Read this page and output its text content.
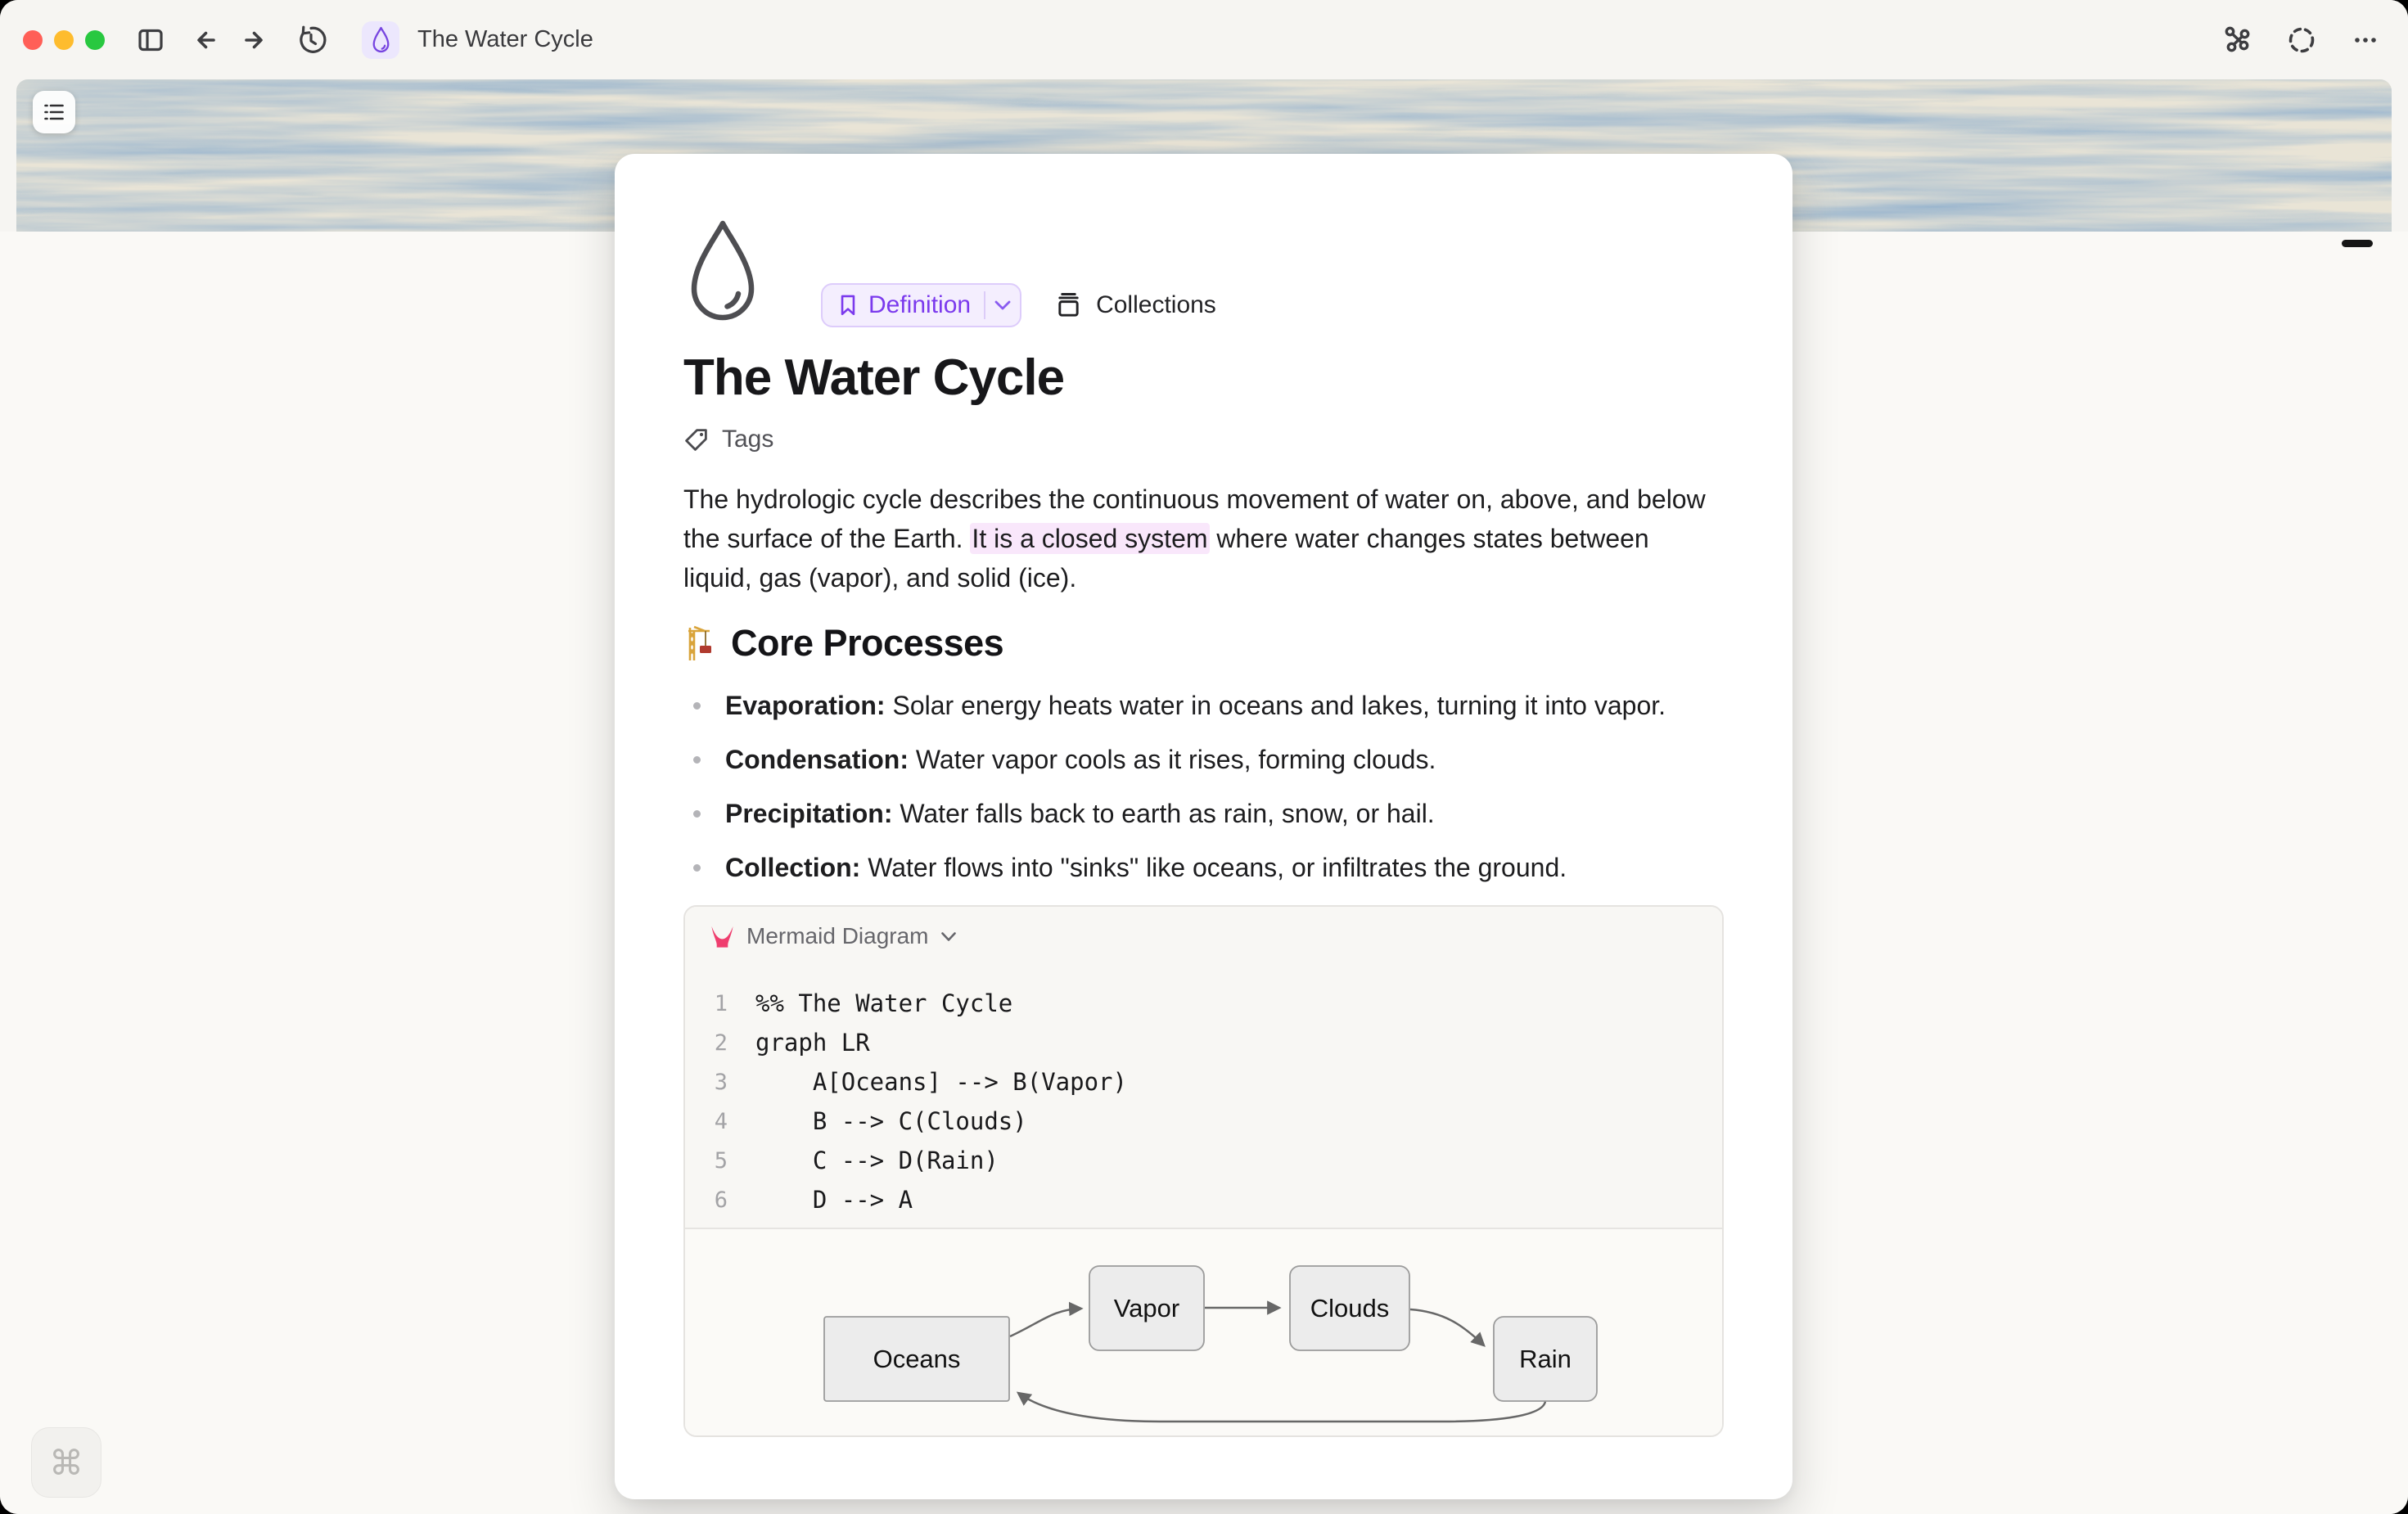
The Water Cycle
Definition	Collections
The Water Cycle
Tags

The hydrologic cycle describes the continuous movement of water on, above, and below the surface of the Earth. It is a closed system where water changes states between liquid, gas (vapor), and solid (ice).

Core Processes
Evaporation: Solar energy heats water in oceans and lakes, turning it into vapor.
Condensation: Water vapor cools as it rises, forming clouds.
Precipitation: Water falls back to earth as rain, snow, or hail.
Collection: Water flows into "sinks" like oceans, or infiltrates the ground.
Mermaid Diagram
1 %% The Water Cycle
2 graph LR
3 A[Oceans] --> B(Vapor)
4 B --> C(Clouds)
5 C --> D(Rain)
6 D --> A
Oceans
Vapor	Clouds
Rain
⌘
